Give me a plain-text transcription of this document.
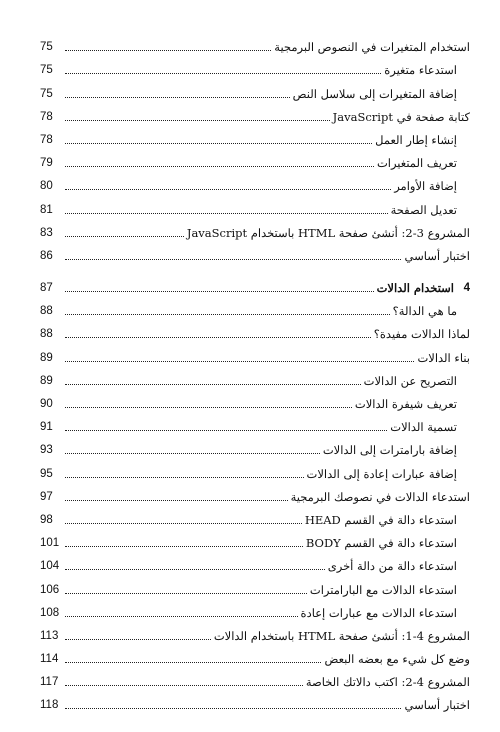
استخدام المتغيرات في النصوص البرمجية
75
استدعاء متغيرة
75
إضافة المتغيرات إلى سلاسل النص
75
كتابة صفحة في JavaScript
78
إنشاء إطار العمل
78
تعريف المتغيرات
79
إضافة الأوامر
80
تعديل الصفحة
81
المشروع 3-2: أنشئ صفحة HTML باستخدام JavaScript
83
اختبار أساسي
86
4
استخدام الدالات
87
ما هي الدالة؟
88
لماذا الدالات مفيدة؟
88
بناء الدالات
89
التصريح عن الدالات
89
تعريف شيفرة الدالات
90
تسمية الدالات
91
إضافة بارامترات إلى الدالات
93
إضافة عبارات إعادة إلى الدالات
95
استدعاء الدالات في نصوصك البرمجية
97
استدعاء دالة في القسم HEAD
98
استدعاء دالة في القسم BODY
101
استدعاء دالة من دالة أخرى
104
استدعاء الدالات مع البارامترات
106
استدعاء الدالات مع عبارات إعادة
108
المشروع 4-1: أنشئ صفحة HTML باستخدام الدالات
113
وضع كل شيء مع بعضه البعض
114
المشروع 4-2: اكتب دالاتك الخاصة
117
اختبار أساسي
118
